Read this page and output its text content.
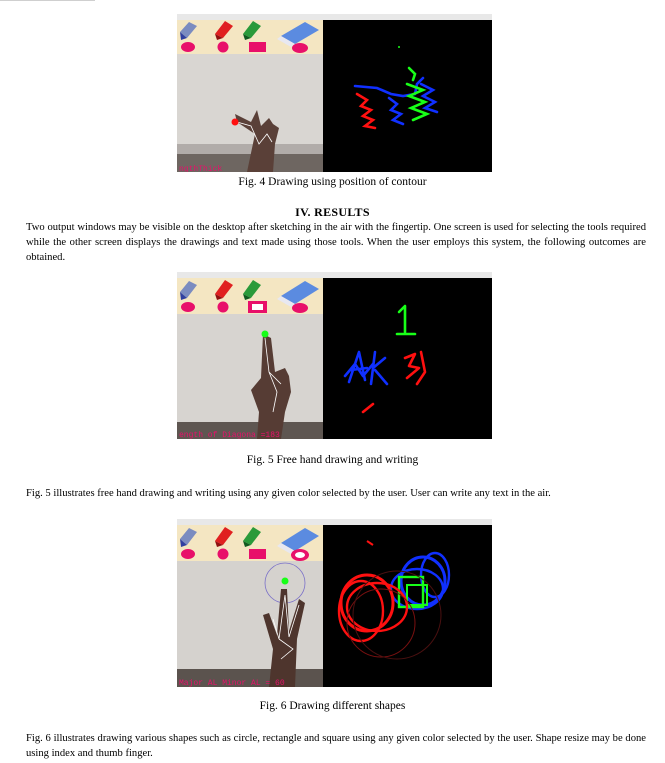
ngthThick
Fig. 4 Drawing using position of contour
IV. RESULTS
Two output windows may be visible on the desktop after sketching in the air with the fingertip. One screen is used for selecting the tools required while the other screen displays the drawings and text made using those tools. When the user employs this system, the following outcomes are obtained.
ength of Diagona =183
Fig. 5 Free hand drawing and writing
Fig. 5 illustrates free hand drawing and writing using any given color selected by the user. User can write any text in the air.
Major AL Minor AL = 60
Fig. 6 Drawing different shapes
Fig. 6 illustrates drawing various shapes such as circle, rectangle and square using any given color selected by the user. Shape resize may be done using index and thumb finger.
